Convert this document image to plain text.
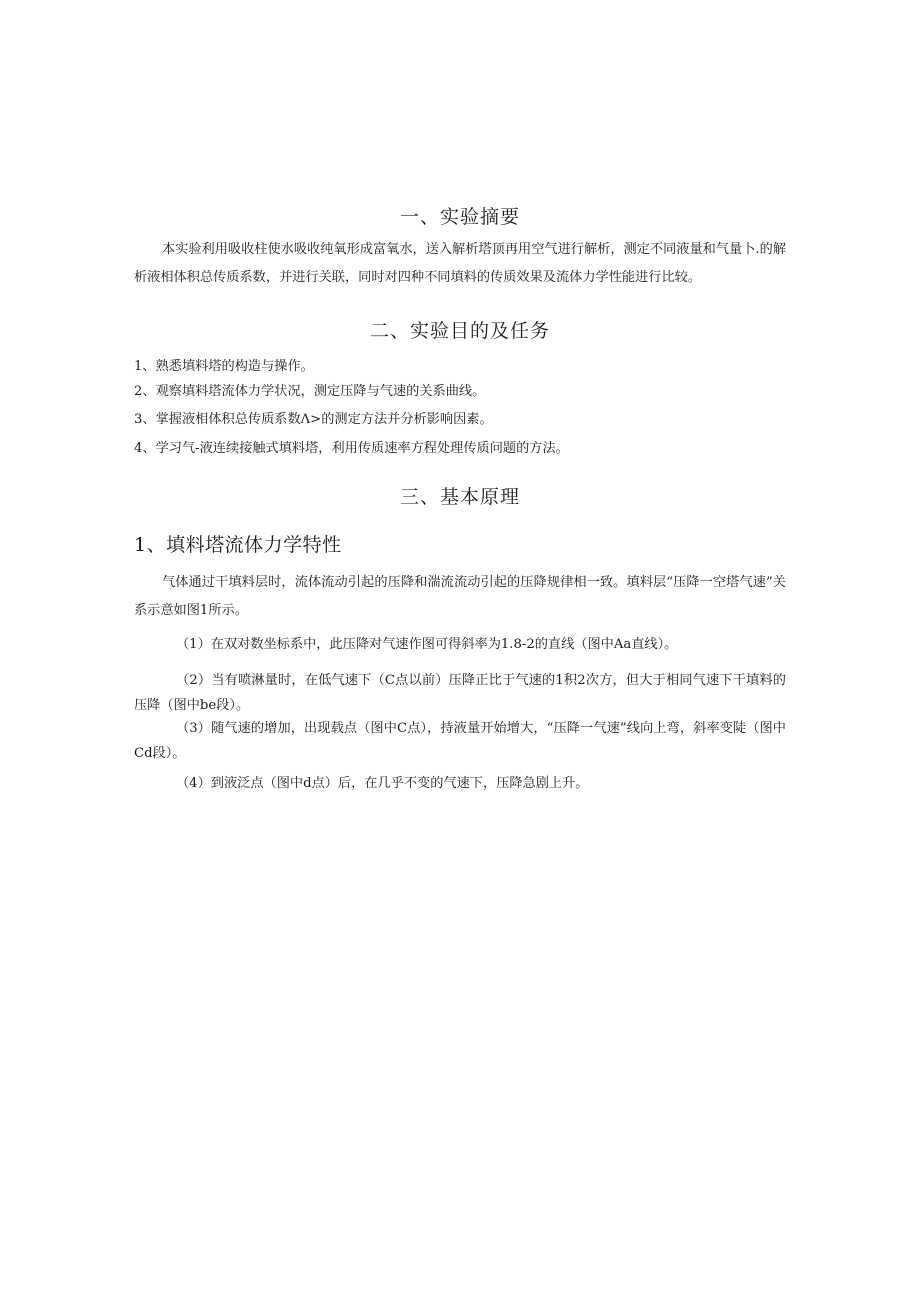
一、实验摘要
本实验利用吸收柱使水吸收纯氧形成富氧水，送入解析塔顶再用空气进行解析，测定不同液量和气量卜.的解析液相体积总传质系数，并进行关联，同时对四种不同填料的传质效果及流体力学性能进行比较。
二、实验目的及任务
1、熟悉填料塔的构造与操作。
2、观察填料塔流体力学状况，测定压降与气速的关系曲线。
3、掌握液相体积总传质系数Λ>的测定方法并分析影响因素。
4、学习气-液连续接触式填料塔，利用传质速率方程处理传质问题的方法。
三、基本原理
1、填料塔流体力学特性
气体通过干填料层时，流体流动引起的压降和湍流流动引起的压降规律相一致。填料层“压降一空塔气速”关系示意如图1所示。
（1）在双对数坐标系中，此压降对气速作图可得斜率为1.8-2的直线（图中Aa直线）。
（2）当有喷淋量时，在低气速下（C点以前）压降正比于气速的1积2次方，但大于相同气速下干填料的压降（图中be段）。
（3）随气速的增加，出现载点（图中C点），持液量开始增大，“压降一气速”线向上弯，斜率变陡（图中Cd段）。
（4）到液泛点（图中d点）后，在几乎不变的气速下，压降急剧上升。
